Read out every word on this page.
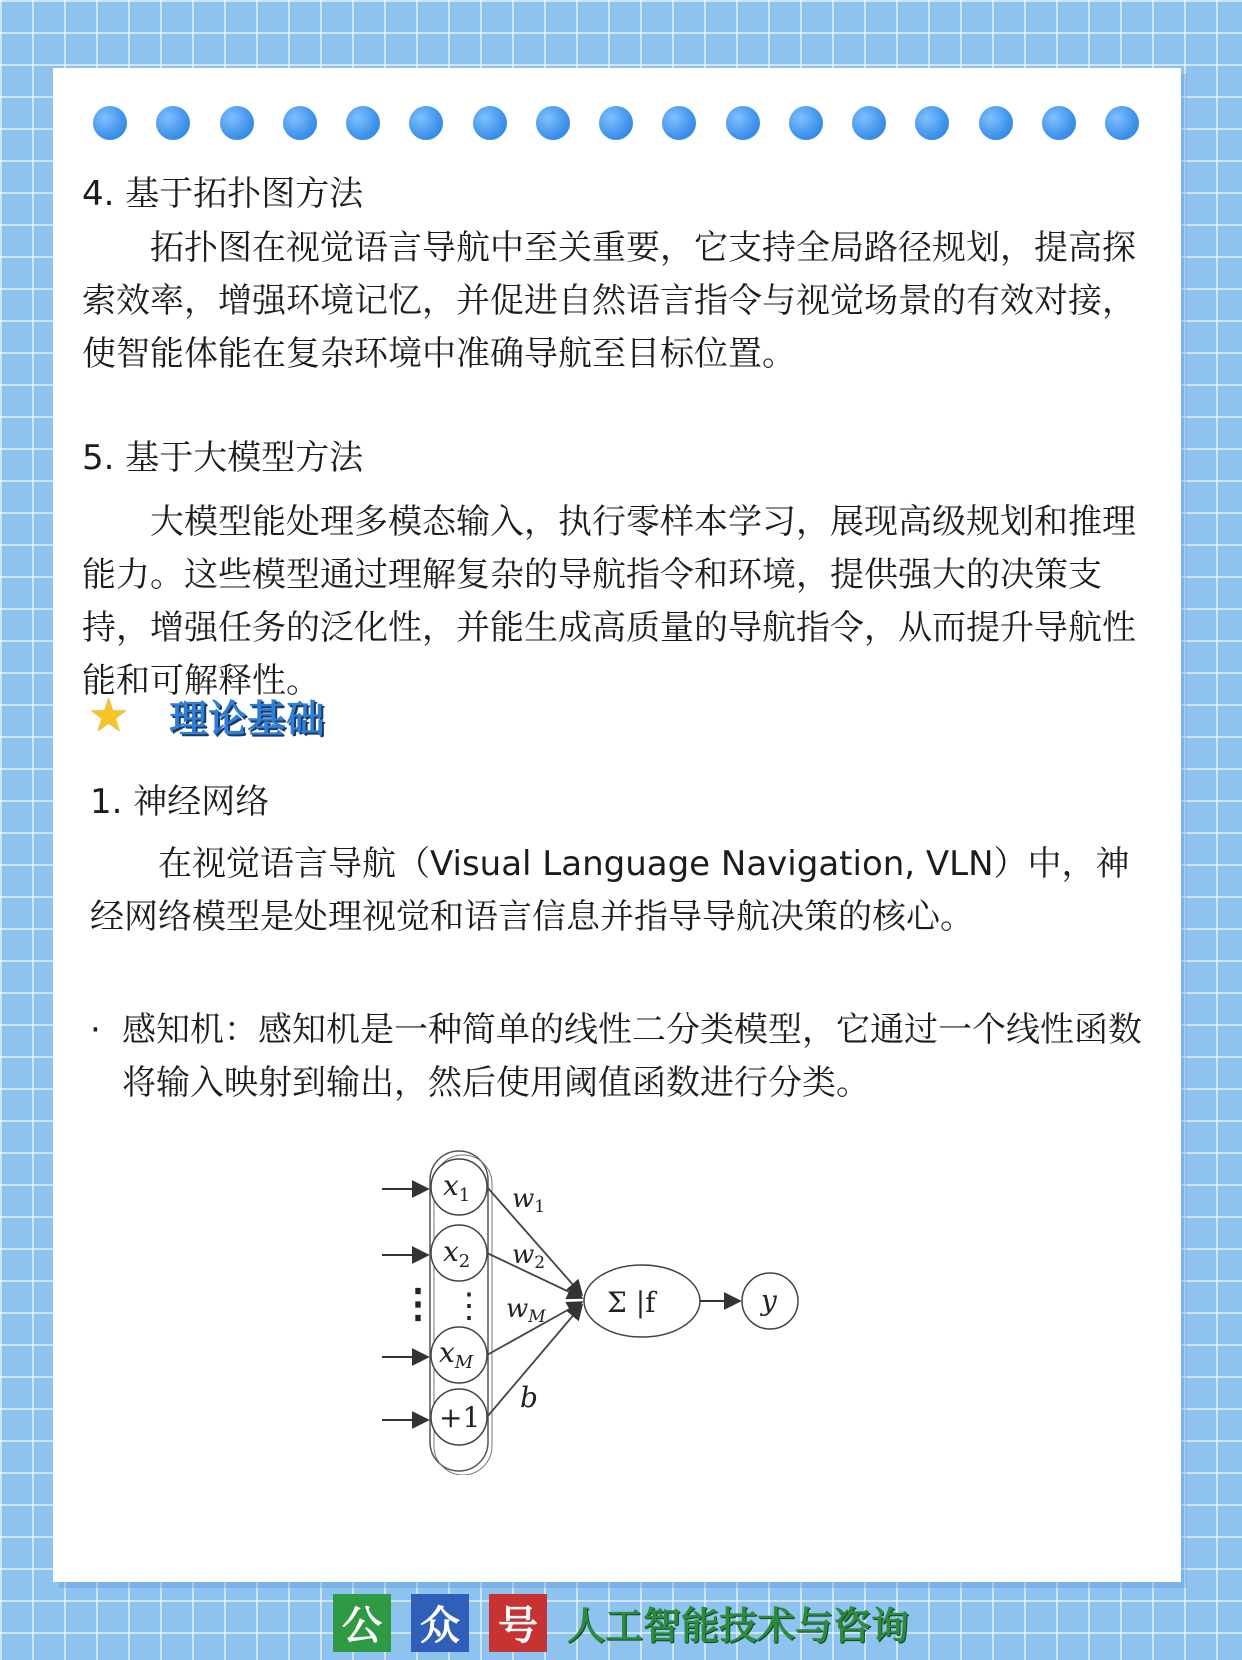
4. 基于拓扑图方法
拓扑图在视觉语言导航中至关重要，它支持全局路径规划，提高探索效率，增强环境记忆，并促进自然语言指令与视觉场景的有效对接，使智能体能在复杂环境中准确导航至目标位置。
5. 基于大模型方法
大模型能处理多模态输入，执行零样本学习，展现高级规划和推理能力。这些模型通过理解复杂的导航指令和环境，提供强大的决策支持，增强任务的泛化性，并能生成高质量的导航指令，从而提升导航性能和可解释性。
★ 理论基础
1. 神经网络
在视觉语言导航（Visual Language Navigation, VLN）中，神经网络模型是处理视觉和语言信息并指导导航决策的核心。
· 感知机：感知机是一种简单的线性二分类模型，它通过一个线性函数将输入映射到输出，然后使用阈值函数进行分类。
$x_1$
$x_2$
$x_M$
+1
⋮ ⋮
w1
w2
wM
b
Σ |f	y
公 众 号 人工智能技术与咨询
